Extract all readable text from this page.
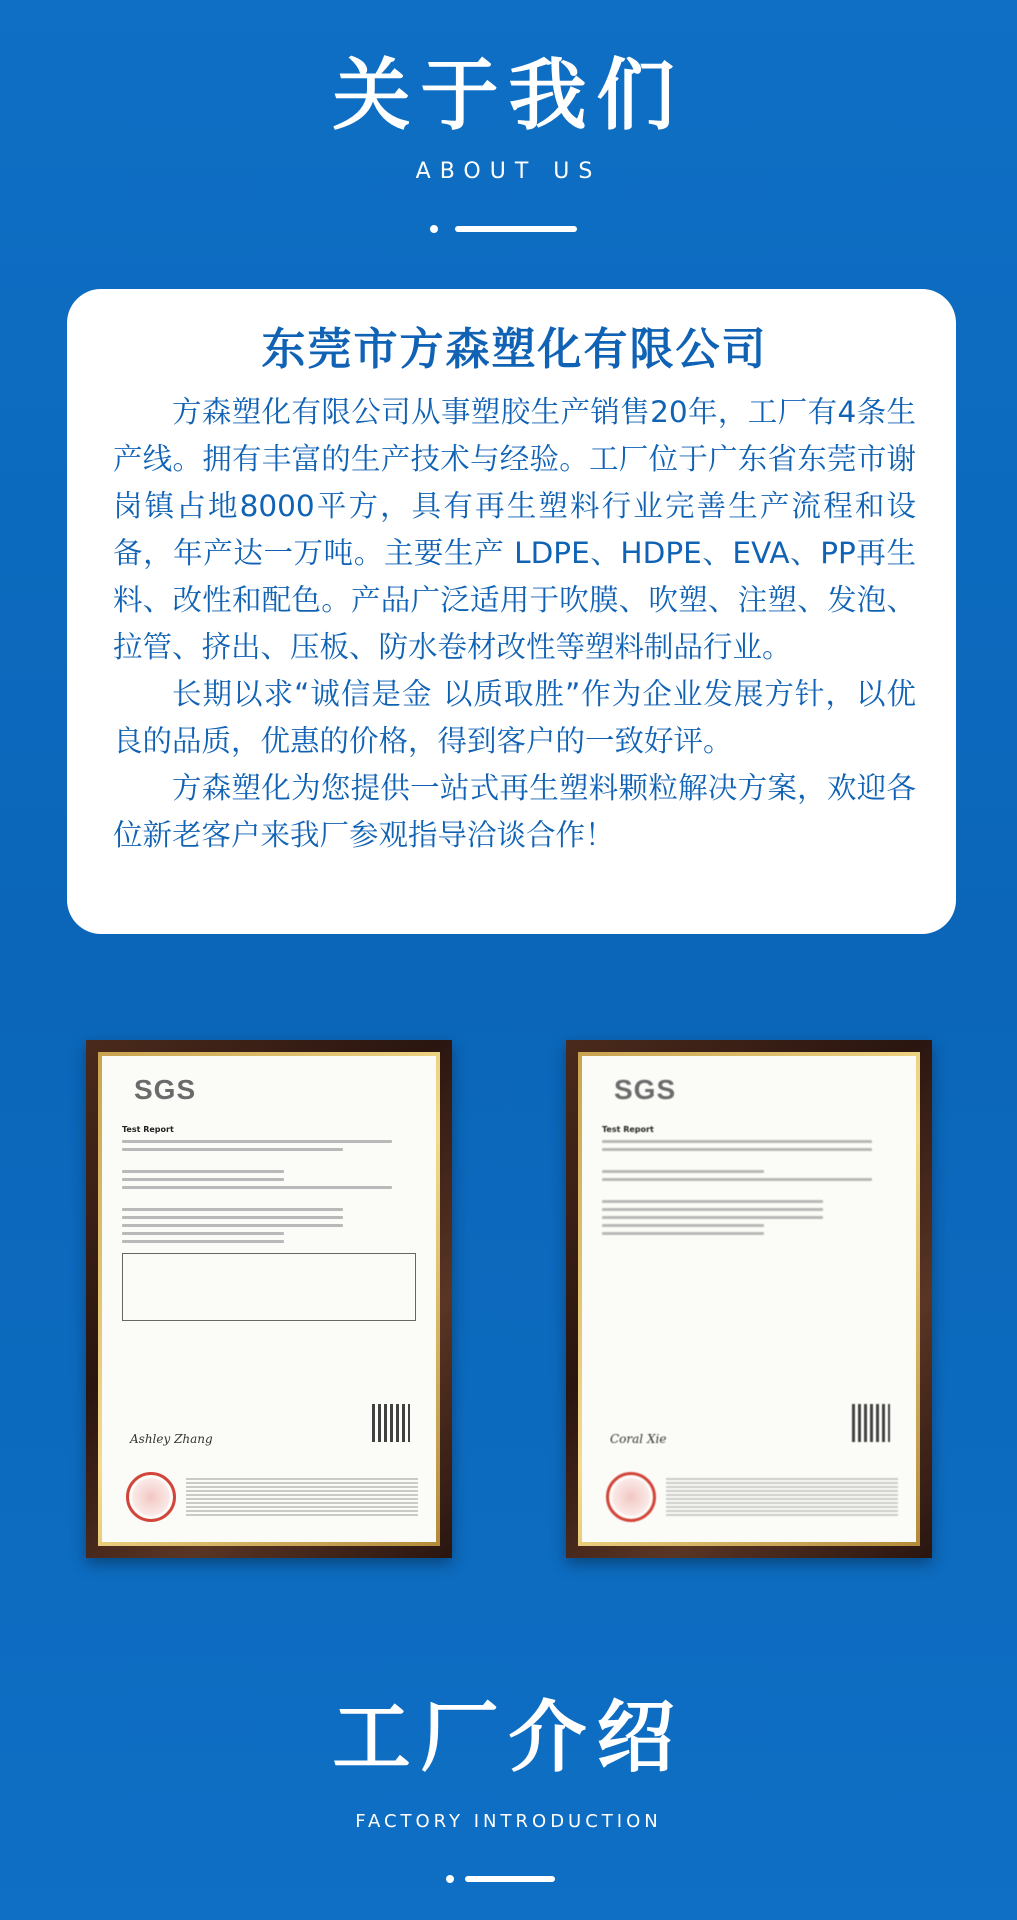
关于我们
ABOUT US
东莞市方森塑化有限公司

方森塑化有限公司从事塑胶生产销售20年，工厂有4条生产线。拥有丰富的生产技术与经验。工厂位于广东省东莞市谢岗镇占地8000平方，具有再生塑料行业完善生产流程和设备，年产达一万吨。主要生产 LDPE、HDPE、EVA、PP再生料、改性和配色。产品广泛适用于吹膜、吹塑、注塑、发泡、拉管、挤出、压板、防水卷材改性等塑料制品行业。

长期以求“诚信是金 以质取胜”作为企业发展方针，以优良的品质，优惠的价格，得到客户的一致好评。

方森塑化为您提供一站式再生塑料颗粒解决方案，欢迎各位新老客户来我厂参观指导洽谈合作！

SGS
Test Report
Ashley Zhang
SGS
Test Report
Coral Xie
工厂介绍
FACTORY INTRODUCTION
